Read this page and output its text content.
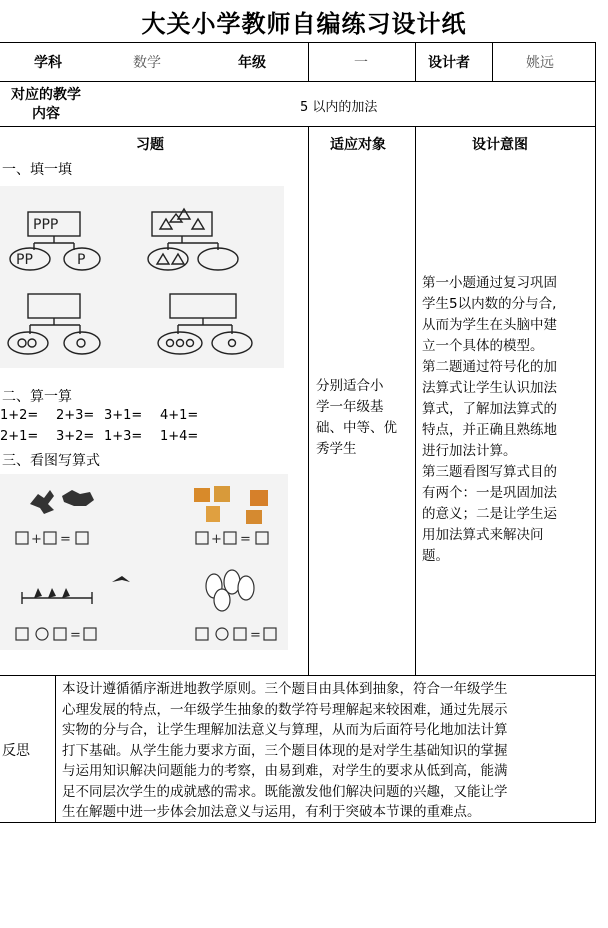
大关小学教师自编练习设计纸
学科	数学	年级	一	设计者	姚远
对应的教学
内容	5 以内的加法
习题	适应对象	设计意图
一、填一填
PPP
PP	P
二、算一算
1+2= 2+3= 3+1= 4+1=
2+1= 3+2= 1+3= 1+4=
三、看图写算式
+ =	+ =
=	=
分别适合小
学一年级基
础、中等、优
秀学生
第一小题通过复习巩固
学生5以内数的分与合,
从而为学生在头脑中建
立一个具体的模型。
第二题通过符号化的加
法算式让学生认识加法
算式，了解加法算式的
特点，并正确且熟练地
进行加法计算。
第三题看图写算式目的
有两个：一是巩固加法
的意义；二是让学生运
用加法算式来解决问
题。
反思
本设计遵循循序渐进地教学原则。三个题目由具体到抽象，符合一年级学生
心理发展的特点，一年级学生抽象的数学符号理解起来较困难，通过先展示
实物的分与合，让学生理解加法意义与算理，从而为后面符号化地加法计算
打下基础。从学生能力要求方面，三个题目体现的是对学生基础知识的掌握
与运用知识解决问题能力的考察，由易到难，对学生的要求从低到高，能满
足不同层次学生的成就感的需求。既能激发他们解决问题的兴趣，又能让学
生在解题中进一步体会加法意义与运用，有利于突破本节课的重难点。
